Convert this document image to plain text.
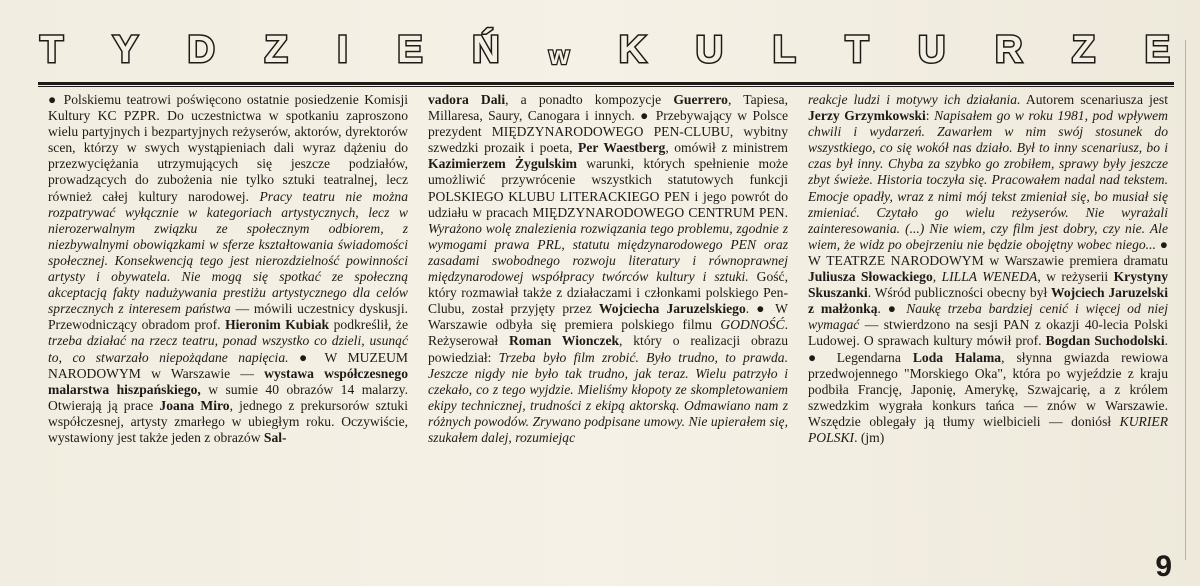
T Y D Z I E Ń w K U L T U R Z E

● Polskiemu teatrowi poświęcono ostatnie posiedzenie Komisji Kultury KC PZPR. Do uczestnictwa w spotkaniu zaproszono wielu partyjnych i bezpartyjnych reżyserów, aktorów, dyrektorów scen, którzy w swych wystąpieniach dali wyraz dążeniu do przezwyciężania utrzymujących się jeszcze podziałów, prowadzących do zubożenia nie tylko sztuki teatralnej, lecz również całej kultury narodowej. Pracy teatru nie można rozpatrywać wyłącznie w kategoriach artystycznych, lecz w nierozerwalnym związku ze społecznym odbiorem, z niezbywalnymi obowiązkami w sferze kształtowania świadomości społecznej. Konsekwencją tego jest nierozdzielność powinności artysty i obywatela. Nie mogą się spotkać ze społeczną akceptacją fakty nadużywania prestiżu artystycznego dla celów sprzecznych z interesem państwa — mówili uczestnicy dyskusji. Przewodniczący obradom prof. Hieronim Kubiak podkreślił, że trzeba działać na rzecz teatru, ponad wszystko co dzieli, usunąć to, co stwarzało niepożądane napięcia. ● W MUZEUM NARODOWYM w Warszawie — wystawa współczesnego malarstwa hiszpańskiego, w sumie 40 obrazów 14 malarzy. Otwierają ją prace Joana Miro, jednego z prekursorów sztuki współczesnej, artysty zmarłego w ubiegłym roku. Oczywiście, wystawiony jest także jeden z obrazów Sal-

vadora Dali, a ponadto kompozycje Guerrero, Tapiesa, Millaresa, Saury, Canogara i innych. ● Przebywający w Polsce prezydent MIĘDZYNARODOWEGO PEN-CLUBU, wybitny szwedzki prozaik i poeta, Per Waestberg, omówił z ministrem Kazimierzem Żygulskim warunki, których spełnienie może umożliwić przywrócenie wszystkich statutowych funkcji POLSKIEGO KLUBU LITERACKIEGO PEN i jego powrót do udziału w pracach MIĘDZYNARODOWEGO CENTRUM PEN. Wyrażono wolę znalezienia rozwiązania tego problemu, zgodnie z wymogami prawa PRL, statutu międzynarodowego PEN oraz zasadami swobodnego rozwoju literatury i równoprawnej międzynarodowej współpracy twórców kultury i sztuki. Gość, który rozmawiał także z działaczami i członkami polskiego Pen-Clubu, został przyjęty przez Wojciecha Jaruzelskiego. ● W Warszawie odbyła się premiera polskiego filmu GODNOŚĆ. Reżyserował Roman Wionczek, który o realizacji obrazu powiedział: Trzeba było film zrobić. Było trudno, to prawda. Jeszcze nigdy nie było tak trudno, jak teraz. Wielu patrzyło i czekało, co z tego wyjdzie. Mieliśmy kłopoty ze skompletowaniem ekipy technicznej, trudności z ekipą aktorską. Odmawiano nam z różnych powodów. Zrywano podpisane umowy. Nie upierałem się, szukałem dalej, rozumiejąc

reakcje ludzi i motywy ich działania. Autorem scenariusza jest Jerzy Grzymkowski: Napisałem go w roku 1981, pod wpływem chwili i wydarzeń. Zawarłem w nim swój stosunek do wszystkiego, co się wokół nas działo. Był to inny scenariusz, bo i czas był inny. Chyba za szybko go zrobiłem, sprawy były jeszcze zbyt świeże. Historia toczyła się. Pracowałem nadal nad tekstem. Emocje opadły, wraz z nimi mój tekst zmieniał się, bo musiał się zmieniać. Czytało go wielu reżyserów. Nie wyrażali zainteresowania. (...) Nie wiem, czy film jest dobry, czy nie. Ale wiem, że widz po obejrzeniu nie będzie obojętny wobec niego... ● W TEATRZE NARODOWYM w Warszawie premiera dramatu Juliusza Słowackiego, LILLA WENEDA, w reżyserii Krystyny Skuszanki. Wśród publiczności obecny był Wojciech Jaruzelski z małżonką. ● Naukę trzeba bardziej cenić i więcej od niej wymagać — stwierdzono na sesji PAN z okazji 40-lecia Polski Ludowej. O sprawach kultury mówił prof. Bogdan Suchodolski. ● Legendarna Loda Halama, słynna gwiazda rewiowa przedwojennego "Morskiego Oka", która po wyjeździe z kraju podbiła Francję, Japonię, Amerykę, Szwajcarię, a z królem szwedzkim wygrała konkurs tańca — znów w Warszawie. Wszędzie oblegały ją tłumy wielbicieli — doniósł KURIER POLSKI. (jm)

9
